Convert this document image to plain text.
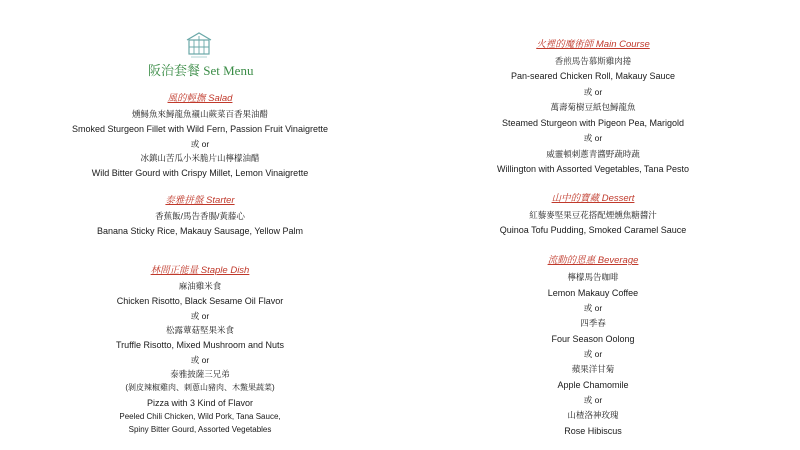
阪治套餐 Set Menu
風的輕撫 Salad
燻鱘魚來鱘龍魚襯山蕨菜百香果油醋
Smoked Sturgeon Fillet with Wild Fern, Passion Fruit Vinaigrette
或 or
冰鎮山苦瓜小米脆片山檸檬油醋
Wild Bitter Gourd with Crispy Millet, Lemon Vinaigrette
泰雅拼盤 Starter
香蕉飯/馬告香腸/黃藤心
Banana Sticky Rice, Makauy Sausage, Yellow Palm
林間正能量 Staple Dish
麻油雞米食
Chicken Risotto, Black Sesame Oil Flavor
或 or
松露蕈菇堅果米食
Truffle Risotto, Mixed Mushroom and Nuts
或 or
泰雅披薩三兄弟
(剝皮辣椒雞肉、刺蔥山豬肉、木鱉果蔬菜)
Pizza with 3 Kind of Flavor
Peeled Chili Chicken, Wild Pork, Tana Sauce,
Spiny Bitter Gourd, Assorted Vegetables
火裡的魔術師 Main Course
香煎馬告慕斯雞肉捲
Pan-seared Chicken Roll, Makauy Sauce
或 or
萬壽菊樹豆紙包鱘龍魚
Steamed Sturgeon with Pigeon Pea, Marigold
或 or
威靈頓刺蔥青醬野蔬時蔬
Willington with Assorted Vegetables, Tana Pesto
山中的寶藏 Dessert
紅藜麥堅果豆花搭配煙燻焦糖醬汁
Quinoa Tofu Pudding, Smoked Caramel Sauce
流動的恩惠 Beverage
檸檬馬告咖啡
Lemon Makauy Coffee
或 or
四季春
Four Season Oolong
或 or
蘋果洋甘菊
Apple Chamomile
或 or
山楂洛神玫瑰
Rose Hibiscus
